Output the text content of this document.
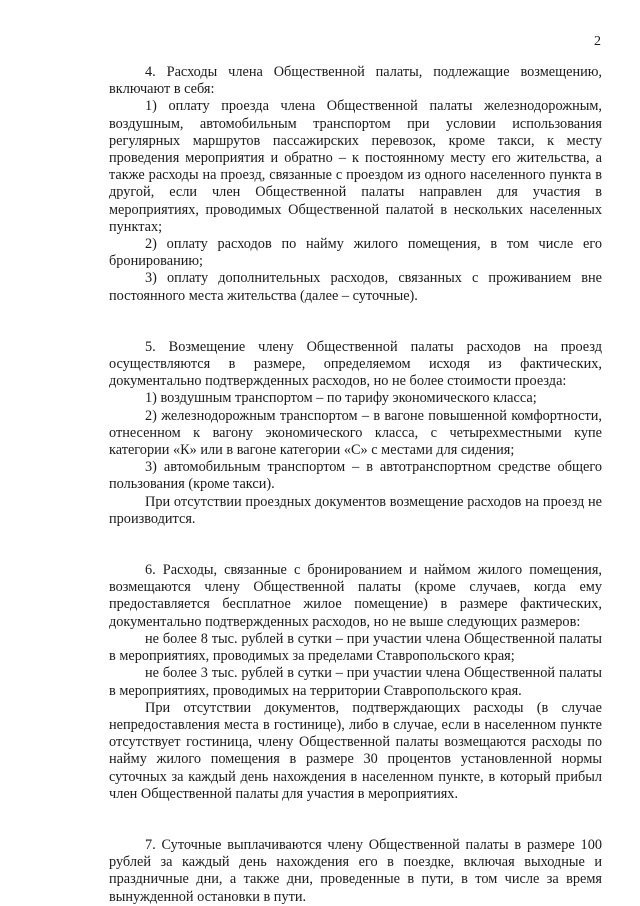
2

4. Расходы члена Общественной палаты, подлежащие возмещению, включают в себя:

1) оплату проезда члена Общественной палаты железнодорожным, воздушным, автомобильным транспортом при условии использования регулярных маршрутов пассажирских перевозок, кроме такси, к месту проведения мероприятия и обратно – к постоянному месту его жительства, а также расходы на проезд, связанные с проездом из одного населенного пункта в другой, если член Общественной палаты направлен для участия в мероприятиях, проводимых Общественной палатой в нескольких населенных пунктах;

2) оплату расходов по найму жилого помещения, в том числе его бронированию;

3) оплату дополнительных расходов, связанных с проживанием вне постоянного места жительства (далее – суточные).

5. Возмещение члену Общественной палаты расходов на проезд осуществляются в размере, определяемом исходя из фактических, документально подтвержденных расходов, но не более стоимости проезда:

1) воздушным транспортом – по тарифу экономического класса;

2) железнодорожным транспортом – в вагоне повышенной комфортности, отнесенном к вагону экономического класса, с четырехместными купе категории «К» или в вагоне категории «С» с местами для сидения;

3) автомобильным транспортом – в автотранспортном средстве общего пользования (кроме такси).

При отсутствии проездных документов возмещение расходов на проезд не производится.

6. Расходы, связанные с бронированием и наймом жилого помещения, возмещаются члену Общественной палаты (кроме случаев, когда ему предоставляется бесплатное жилое помещение) в размере фактических, документально подтвержденных расходов, но не выше следующих размеров:

не более 8 тыс. рублей в сутки – при участии члена Общественной палаты в мероприятиях, проводимых за пределами Ставропольского края;

не более 3 тыс. рублей в сутки – при участии члена Общественной палаты в мероприятиях, проводимых на территории Ставропольского края.

При отсутствии документов, подтверждающих расходы (в случае непредоставления места в гостинице), либо в случае, если в населенном пункте отсутствует гостиница, члену Общественной палаты возмещаются расходы по найму жилого помещения в размере 30 процентов установленной нормы суточных за каждый день нахождения в населенном пункте, в который прибыл член Общественной палаты для участия в мероприятиях.

7. Суточные выплачиваются члену Общественной палаты в размере 100 рублей за каждый день нахождения его в поездке, включая выходные и праздничные дни, а также дни, проведенные в пути, в том числе за время вынужденной остановки в пути.
